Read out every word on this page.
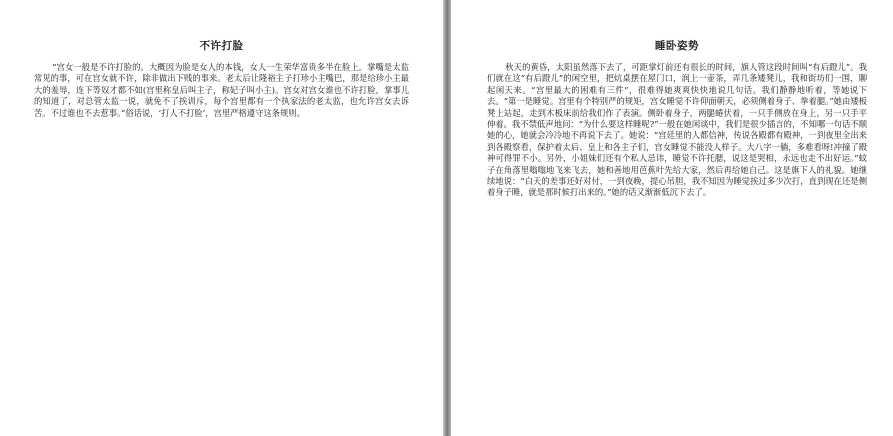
不许打脸

“宫女一般是不许打脸的。大概因为脸是女人的本钱，女人一生荣华富贵多半在脸上。掌嘴是太监常见的事，可在宫女就不许，除非做出下贱的事来。老太后让隆裕主子打珍小主嘴巴，那是给珍小主最大的羞辱，连下等奴才都不如(宫里称皇后叫主子，称妃子叫小主)。宫女对宫女谁也不许打脸，掌事儿的知道了，对总管太监一说，就免不了挨训斥，每个宫里都有一个执家法的老太监，也允许宫女去诉苦。不过谁也不去惹事。”俗话说，‘打人不打脸’，宫里严格遵守这条规则。

睡卧姿势

秋天的黄昏，太阳虽然落下去了，可距掌灯前还有很长的时间，旗人管这段时间叫“有后蹬儿”。我们就在这“有后蹬儿”的闲空里，把炕桌摆在屋门口，润上一壶茶，弄几条矮凳儿，我和街坊们一围，聊起闲天来。“宫里最大的困难有三件”，很难得她爽爽快快地说几句话。我们静静地听着，等她说下去。“第一是睡觉。宫里有个特别严的规矩，宫女睡觉不许仰面朝天，必须侧着身子、拳着腿。”她由矮板凳上站起，走到木板床前给我们作了表演。侧卧着身子，两腿蜷伏着，一只手侧放在身上，另一只手平伸着。我不禁低声地问：“为什么要这样睡呢?”一般在她闲谈中，我们是很少插言的，不知哪一句话不顺她的心，她就会冷冷地不再说下去了。她说：“宫廷里的人都信神，传说各殿都有殿神，一到夜里全出来到各殿察看，保护着太后、皇上和各主子们，宫女睡觉不能没人样子。大八字一躺，多难看呀!冲撞了殿神可得罪不小。另外，小姐妹们还有个私人忌讳，睡觉不许托腮，说这是哭相，永远也走不出好运。”蚊子在角落里嗡嗡地飞来飞去，她和善地用芭蕉叶先给大家，然后再给她自己。这是旗下人的礼貌。她继续地说：“白天的差事还好对付，一到夜晚，提心吊胆，我不知因为睡觉挨过多少次打，直到现在还是侧着身子睡，就是那时候打出来的。”她的话又渐渐低沉下去了。
